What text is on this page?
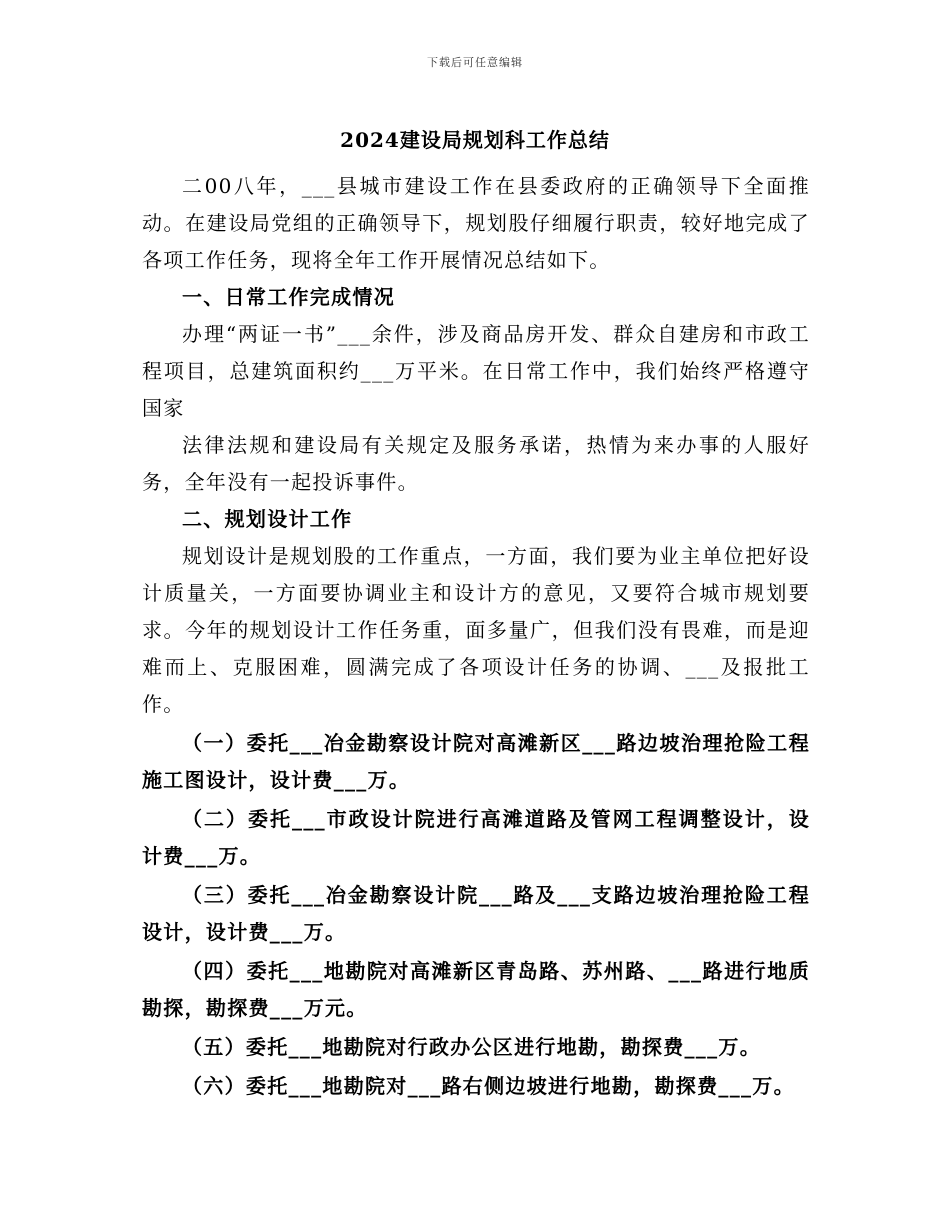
下载后可任意编辑
2024建设局规划科工作总结

二00八年，___县城市建设工作在县委政府的正确领导下全面推动。在建设局党组的正确领导下，规划股仔细履行职责，较好地完成了各项工作任务，现将全年工作开展情况总结如下。

一、日常工作完成情况

办理“两证一书”___余件，涉及商品房开发、群众自建房和市政工程项目，总建筑面积约___万平米。在日常工作中，我们始终严格遵守国家

法律法规和建设局有关规定及服务承诺，热情为来办事的人服好务，全年没有一起投诉事件。

二、规划设计工作

规划设计是规划股的工作重点，一方面，我们要为业主单位把好设计质量关，一方面要协调业主和设计方的意见，又要符合城市规划要求。今年的规划设计工作任务重，面多量广，但我们没有畏难，而是迎难而上、克服困难，圆满完成了各项设计任务的协调、___及报批工作。

（一）委托___冶金勘察设计院对高滩新区___路边坡治理抢险工程施工图设计，设计费___万。

（二）委托___市政设计院进行高滩道路及管网工程调整设计，设计费___万。

（三）委托___冶金勘察设计院___路及___支路边坡治理抢险工程设计，设计费___万。

（四）委托___地勘院对高滩新区青岛路、苏州路、___路进行地质勘探，勘探费___万元。

（五）委托___地勘院对行政办公区进行地勘，勘探费___万。

（六）委托___地勘院对___路右侧边坡进行地勘，勘探费___万。
